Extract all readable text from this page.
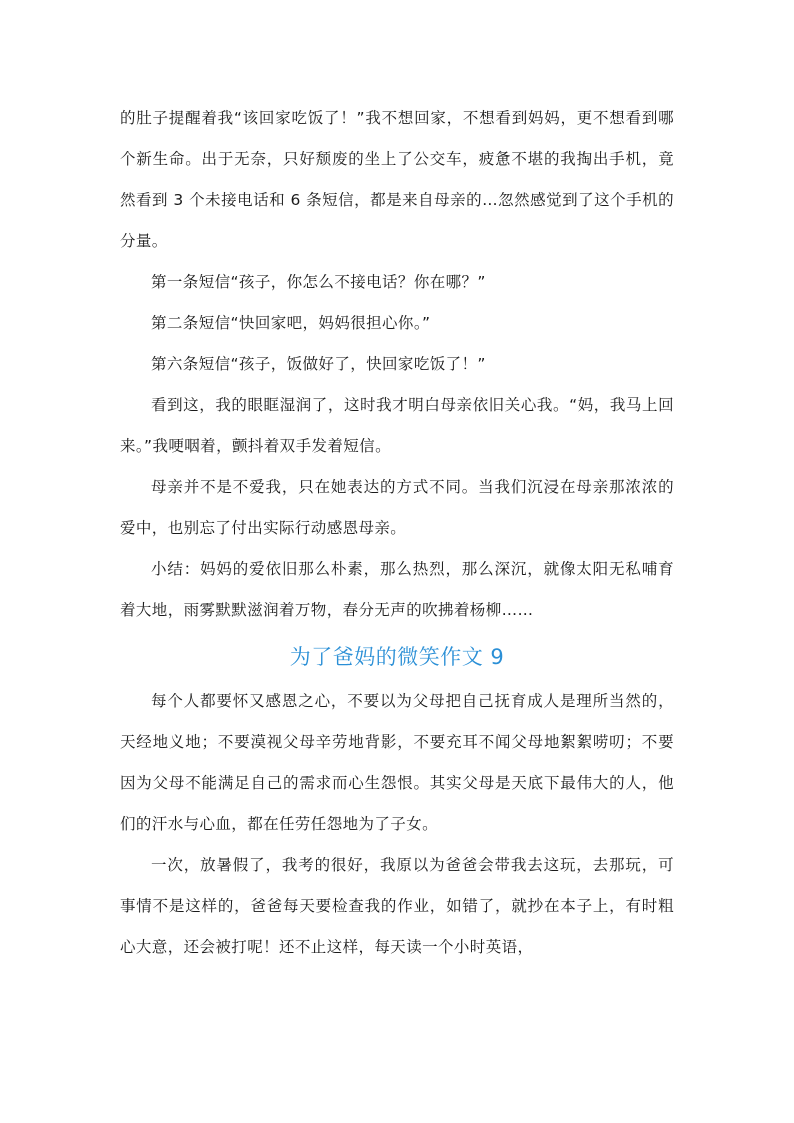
的肚子提醒着我“该回家吃饭了！”我不想回家，不想看到妈妈，更不想看到哪个新生命。出于无奈，只好颓废的坐上了公交车，疲惫不堪的我掏出手机，竟然看到 3 个未接电话和 6 条短信，都是来自母亲的…忽然感觉到了这个手机的分量。

第一条短信“孩子，你怎么不接电话？你在哪？”

第二条短信“快回家吧，妈妈很担心你。”

第六条短信“孩子，饭做好了，快回家吃饭了！”

看到这，我的眼眶湿润了，这时我才明白母亲依旧关心我。“妈，我马上回来。”我哽咽着，颤抖着双手发着短信。

母亲并不是不爱我，只在她表达的方式不同。当我们沉浸在母亲那浓浓的爱中，也别忘了付出实际行动感恩母亲。

小结：妈妈的爱依旧那么朴素，那么热烈，那么深沉，就像太阳无私哺育着大地，雨雾默默滋润着万物，春分无声的吹拂着杨柳……

为了爸妈的微笑作文 9

每个人都要怀又感恩之心，不要以为父母把自己抚育成人是理所当然的，天经地义地；不要漠视父母辛劳地背影，不要充耳不闻父母地絮絮唠叨；不要因为父母不能满足自己的需求而心生怨恨。其实父母是天底下最伟大的人，他们的汗水与心血，都在任劳任怨地为了子女。

一次，放暑假了，我考的很好，我原以为爸爸会带我去这玩，去那玩，可事情不是这样的，爸爸每天要检查我的作业，如错了，就抄在本子上，有时粗心大意，还会被打呢！还不止这样，每天读一个小时英语，
